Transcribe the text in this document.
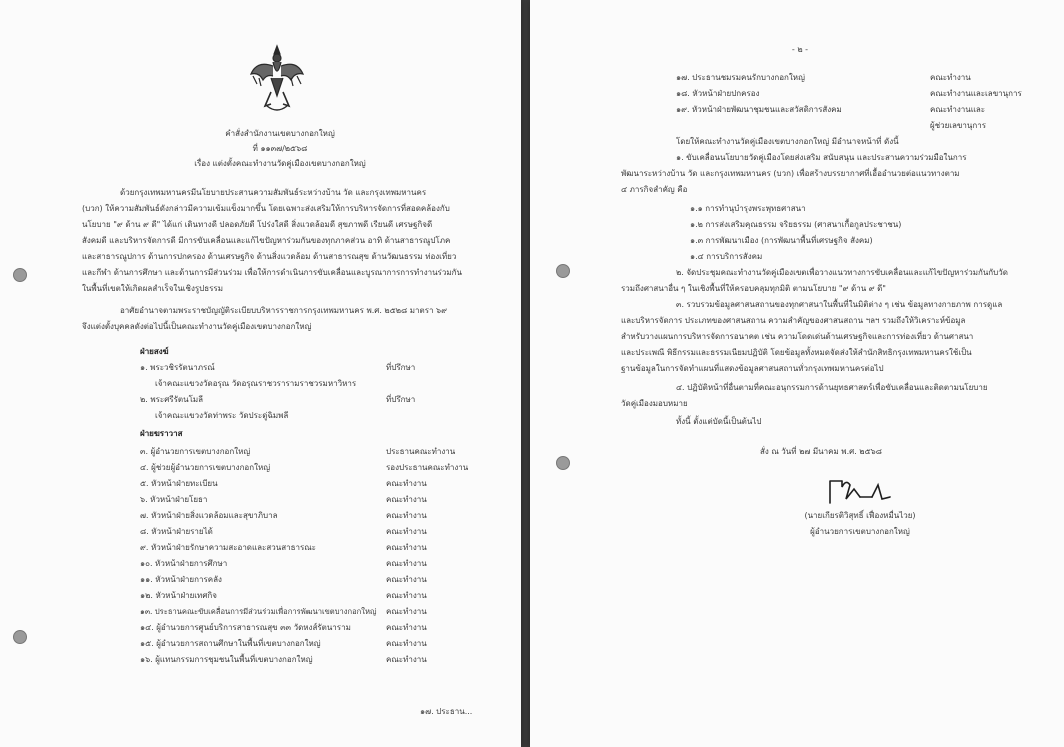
คำสั่งสำนักงานเขตบางกอกใหญ่
ที่ ๑๑๓๗/๒๕๖๘
เรื่อง แต่งตั้งคณะทำงานวัดคู่เมืองเขตบางกอกใหญ่
ด้วยกรุงเทพมหานครมีนโยบายประสานความสัมพันธ์ระหว่างบ้าน วัด และกรุงเทพมหานคร
(บวก) ให้ความสัมพันธ์ดังกล่าวมีความเข้มแข็งมากขึ้น โดยเฉพาะส่งเสริมให้การบริหารจัดการที่สอดคล้องกับ
นโยบาย "๙ ด้าน ๙ ดี" ได้แก่ เดินทางดี ปลอดภัยดี โปร่งใสดี สิ่งแวดล้อมดี สุขภาพดี เรียนดี เศรษฐกิจดี
สังคมดี และบริหารจัดการดี มีการขับเคลื่อนและแก้ไขปัญหาร่วมกันของทุกภาคส่วน อาทิ ด้านสาธารณูปโภค
และสาธารณูปการ ด้านการปกครอง ด้านเศรษฐกิจ ด้านสิ่งแวดล้อม ด้านสาธารณสุข ด้านวัฒนธรรม ท่องเที่ยว
และกีฬา ด้านการศึกษา และด้านการมีส่วนร่วม เพื่อให้การดำเนินการขับเคลื่อนและบูรณาการการทำงานร่วมกัน
ในพื้นที่เขตให้เกิดผลสำเร็จในเชิงรูปธรรม
อาศัยอำนาจตามพระราชบัญญัติระเบียบบริหารราชการกรุงเทพมหานคร พ.ศ. ๒๕๒๘ มาตรา ๖๙
จึงแต่งตั้งบุคคลดังต่อไปนี้เป็นคณะทำงานวัดคู่เมืองเขตบางกอกใหญ่
ฝ่ายสงฆ์
๑. พระวชิรรัตนาภรณ์	ที่ปรึกษา
เจ้าคณะแขวงวัดอรุณ วัดอรุณราชวรารามราชวรมหาวิหาร
๒. พระศรีรัตนโมลี	ที่ปรึกษา
เจ้าคณะแขวงวัดท่าพระ วัดประดู่ฉิมพลี
ฝ่ายฆราวาส
๓. ผู้อำนวยการเขตบางกอกใหญ่	ประธานคณะทำงาน
๔. ผู้ช่วยผู้อำนวยการเขตบางกอกใหญ่	รองประธานคณะทำงาน
๕. หัวหน้าฝ่ายทะเบียน	คณะทำงาน
๖. หัวหน้าฝ่ายโยธา	คณะทำงาน
๗. หัวหน้าฝ่ายสิ่งแวดล้อมและสุขาภิบาล	คณะทำงาน
๘. หัวหน้าฝ่ายรายได้	คณะทำงาน
๙. หัวหน้าฝ่ายรักษาความสะอาดและสวนสาธารณะ	คณะทำงาน
๑๐. หัวหน้าฝ่ายการศึกษา	คณะทำงาน
๑๑. หัวหน้าฝ่ายการคลัง	คณะทำงาน
๑๒. หัวหน้าฝ่ายเทศกิจ	คณะทำงาน
๑๓. ประธานคณะขับเคลื่อนการมีส่วนร่วมเพื่อการพัฒนาเขตบางกอกใหญ่ คณะทำงาน
๑๔. ผู้อำนวยการศูนย์บริการสาธารณสุข ๓๓ วัดหงส์รัตนาราม	คณะทำงาน
๑๕. ผู้อำนวยการสถานศึกษาในพื้นที่เขตบางกอกใหญ่	คณะทำงาน
๑๖. ผู้แทนกรรมการชุมชนในพื้นที่เขตบางกอกใหญ่	คณะทำงาน
๑๗. ประธาน...
- ๒ -
๑๗. ประธานชมรมคนรักบางกอกใหญ่	คณะทำงาน
๑๘. หัวหน้าฝ่ายปกครอง	คณะทำงานและเลขานุการ
๑๙. หัวหน้าฝ่ายพัฒนาชุมชนและสวัสดิการสังคม	คณะทำงานและ
ผู้ช่วยเลขานุการ
โดยให้คณะทำงานวัดคู่เมืองเขตบางกอกใหญ่ มีอำนาจหน้าที่ ดังนี้
๑. ขับเคลื่อนนโยบายวัดคู่เมืองโดยส่งเสริม สนับสนุน และประสานความร่วมมือในการ
พัฒนาระหว่างบ้าน วัด และกรุงเทพมหานคร (บวก) เพื่อสร้างบรรยากาศที่เอื้ออำนวยต่อแนวทางตาม
๔ ภารกิจสำคัญ คือ
๑.๑ การทำนุบำรุงพระพุทธศาสนา
๑.๒ การส่งเสริมคุณธรรม จริยธรรม (ศาสนาเกื้อกูลประชาชน)
๑.๓ การพัฒนาเมือง (การพัฒนาพื้นที่เศรษฐกิจ สังคม)
๑.๔ การบริการสังคม
๒. จัดประชุมคณะทำงานวัดคู่เมืองเขตเพื่อวางแนวทางการขับเคลื่อนและแก้ไขปัญหาร่วมกันกับวัด
รวมถึงศาสนาอื่น ๆ ในเชิงพื้นที่ให้ครอบคลุมทุกมิติ ตามนโยบาย "๙ ด้าน ๙ ดี"
๓. รวบรวมข้อมูลศาสนสถานของทุกศาสนาในพื้นที่ในมิติต่าง ๆ เช่น ข้อมูลทางกายภาพ การดูแล
และบริหารจัดการ ประเภทของศาสนสถาน ความสำคัญของศาสนสถาน ฯลฯ รวมถึงให้วิเคราะห์ข้อมูล
สำหรับวางแผนการบริหารจัดการอนาคต เช่น ความโดดเด่นด้านเศรษฐกิจและการท่องเที่ยว ด้านศาสนา
และประเพณี พิธีกรรมและธรรมเนียมปฏิบัติ โดยข้อมูลทั้งหมดจัดส่งให้สำนักสิทธิกรุงเทพมหานครใช้เป็น
ฐานข้อมูลในการจัดทำแผนที่แสดงข้อมูลศาสนสถานทั่วกรุงเทพมหานครต่อไป
๔. ปฏิบัติหน้าที่อื่นตามที่คณะอนุกรรมการด้านยุทธศาสตร์เพื่อขับเคลื่อนและติดตามนโยบาย
วัดคู่เมืองมอบหมาย
ทั้งนี้ ตั้งแต่บัดนี้เป็นต้นไป
สั่ง ณ วันที่ ๒๗ มีนาคม พ.ศ. ๒๕๖๘
(นายเกียรติวิสุทธิ์ เฟื่องหมื่นไวย)
ผู้อำนวยการเขตบางกอกใหญ่
